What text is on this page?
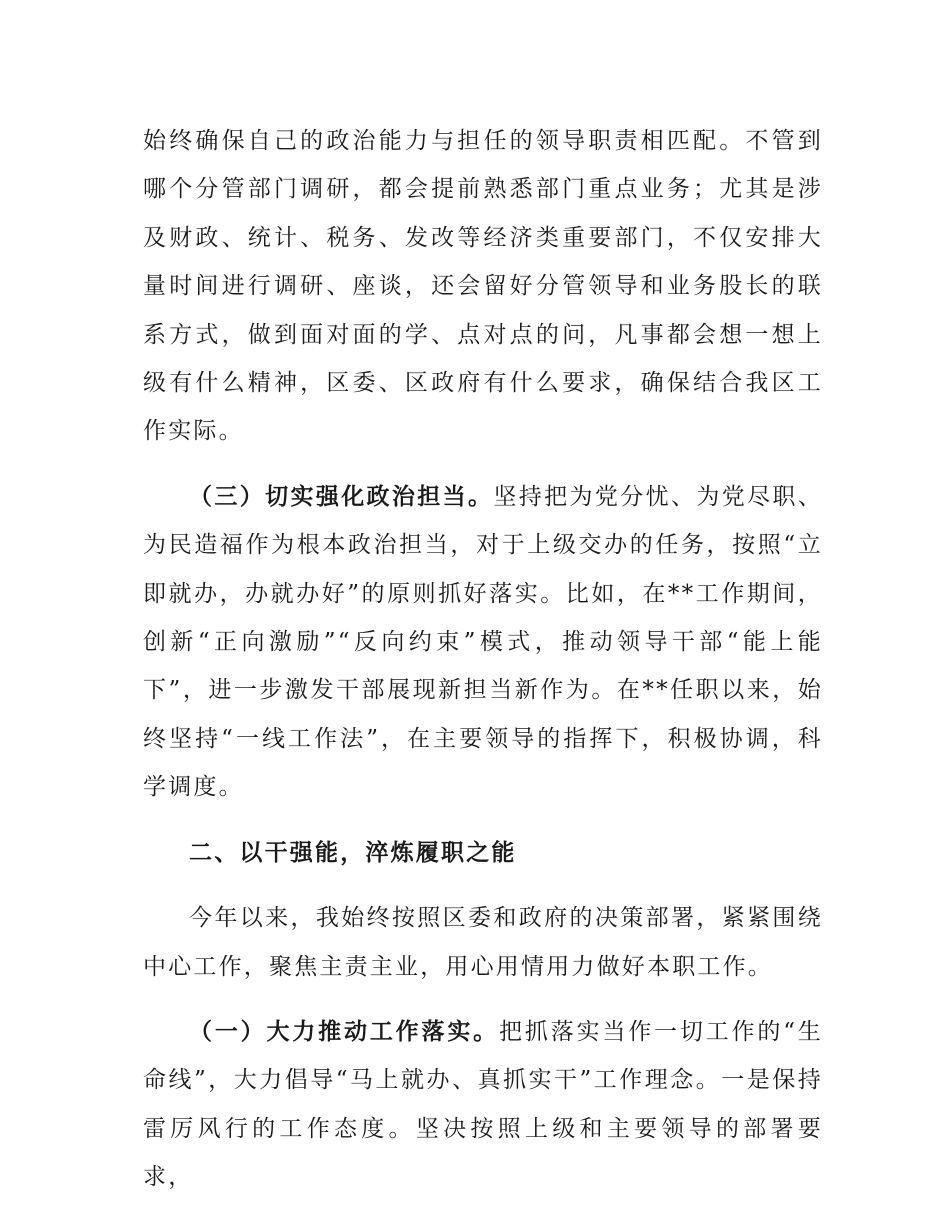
始终确保自己的政治能力与担任的领导职责相匹配。不管到哪个分管部门调研，都会提前熟悉部门重点业务；尤其是涉及财政、统计、税务、发改等经济类重要部门，不仅安排大量时间进行调研、座谈，还会留好分管领导和业务股长的联系方式，做到面对面的学、点对点的问，凡事都会想一想上级有什么精神，区委、区政府有什么要求，确保结合我区工作实际。

（三）切实强化政治担当。坚持把为党分忧、为党尽职、为民造福作为根本政治担当，对于上级交办的任务，按照“立即就办，办就办好”的原则抓好落实。比如，在**工作期间，创新“正向激励”“反向约束”模式，推动领导干部“能上能下”，进一步激发干部展现新担当新作为。在**任职以来，始终坚持“一线工作法”，在主要领导的指挥下，积极协调，科学调度。

二、以干强能，淬炼履职之能

今年以来，我始终按照区委和政府的决策部署，紧紧围绕中心工作，聚焦主责主业，用心用情用力做好本职工作。

（一）大力推动工作落实。把抓落实当作一切工作的“生命线”，大力倡导“马上就办、真抓实干”工作理念。一是保持雷厉风行的工作态度。坚决按照上级和主要领导的部署要求，
